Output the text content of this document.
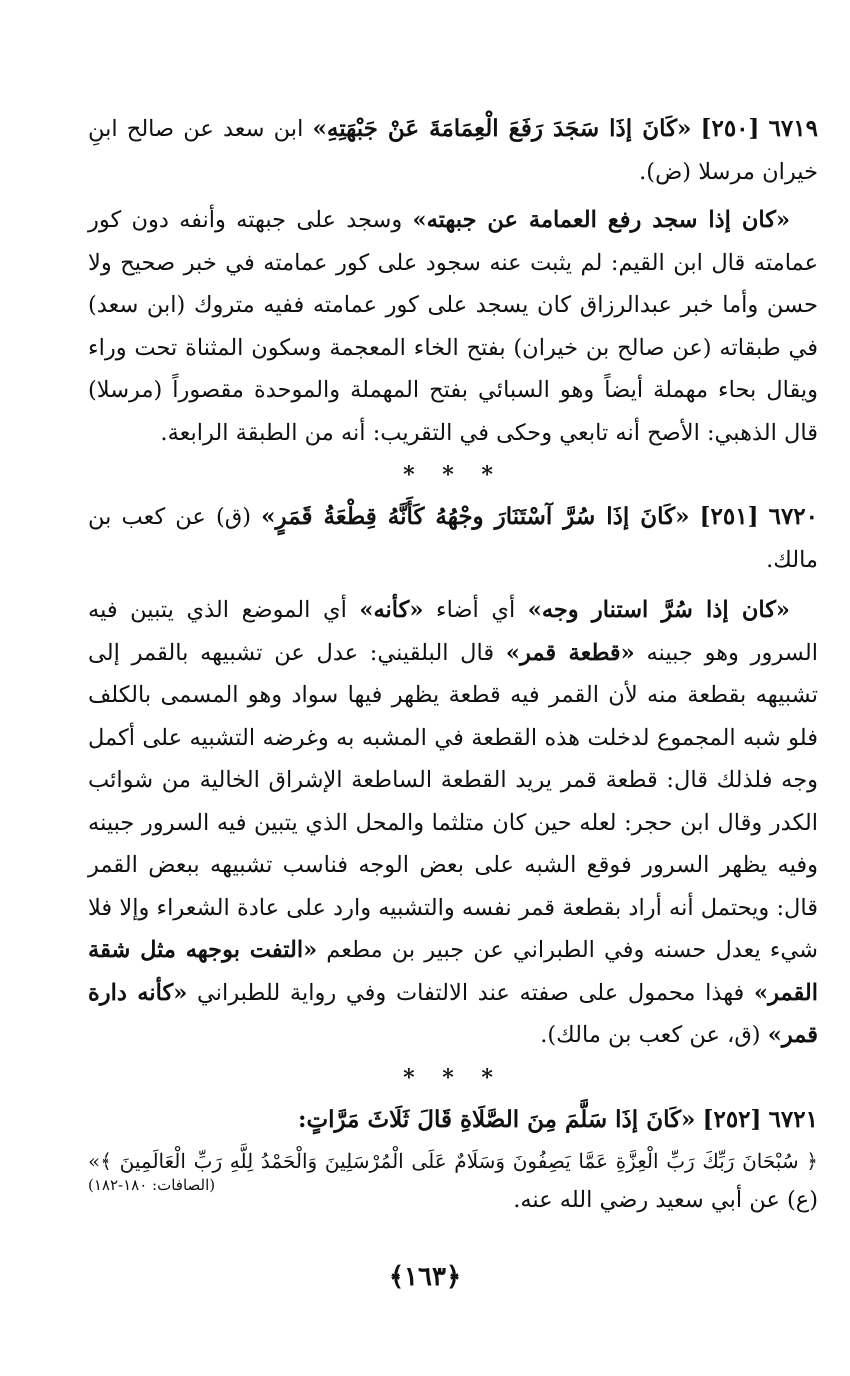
٦٧١٩ [٢٥٠] «كَانَ إذَا سَجَدَ رَفَعَ الْعِمَامَةَ عَنْ جَبْهَتِهِ» ابن سعد عن صالح ابنِ خيران مرسلا (ض).

«كان إذا سجد رفع العمامة عن جبهته» وسجد على جبهته وأنفه دون كور عمامته قال ابن القيم: لم يثبت عنه سجود على كور عمامته في خبر صحيح ولا حسن وأما خبر عبدالرزاق كان يسجد على كور عمامته ففيه متروك (ابن سعد) في طبقاته (عن صالح بن خيران) بفتح الخاء المعجمة وسكون المثناة تحت وراء ويقال بحاء مهملة أيضاً وهو السبائي بفتح المهملة والموحدة مقصوراً (مرسلا) قال الذهبي: الأصح أنه تابعي وحكى في التقريب: أنه من الطبقة الرابعة.

* * *

٦٧٢٠ [٢٥١] «كَانَ إذَا سُرَّ آسْتَنَارَ وجْهُهُ كَأَنَّهُ قِطْعَةُ قَمَرٍ» (ق) عن كعب بن مالك.

«كان إذا سُرَّ استنار وجه» أي أضاء «كأنه» أي الموضع الذي يتبين فيه السرور وهو جبينه «قطعة قمر» قال البلقيني: عدل عن تشبيهه بالقمر إلى تشبيهه بقطعة منه لأن القمر فيه قطعة يظهر فيها سواد وهو المسمى بالكلف فلو شبه المجموع لدخلت هذه القطعة في المشبه به وغرضه التشبيه على أكمل وجه فلذلك قال: قطعة قمر يريد القطعة الساطعة الإشراق الخالية من شوائب الكدر وقال ابن حجر: لعله حين كان متلثما والمحل الذي يتبين فيه السرور جبينه وفيه يظهر السرور فوقع الشبه على بعض الوجه فناسب تشبيهه ببعض القمر قال: ويحتمل أنه أراد بقطعة قمر نفسه والتشبيه وارد على عادة الشعراء وإلا فلا شيء يعدل حسنه وفي الطبراني عن جبير بن مطعم «التفت بوجهه مثل شقة القمر» فهذا محمول على صفته عند الالتفات وفي رواية للطبراني «كأنه دارة قمر» (ق، عن كعب بن مالك).

* * *

٦٧٢١ [٢٥٢] «كَانَ إذَا سَلَّمَ مِنَ الصَّلَاةِ قَالَ ثَلَاثَ مَرَّاتٍ:

﴿ سُبْحَانَ رَبِّكَ رَبِّ الْعِزَّةِ عَمَّا يَصِفُونَ وَسَلَامٌ عَلَى الْمُرْسَلِينَ وَالْحَمْدُ لِلَّهِ رَبِّ الْعَالَمِينَ ﴾»

(ع) عن أبي سعيد رضي الله عنه.
(الصافات: ١٨٠-١٨٢)
﴿١٦٣﴾
